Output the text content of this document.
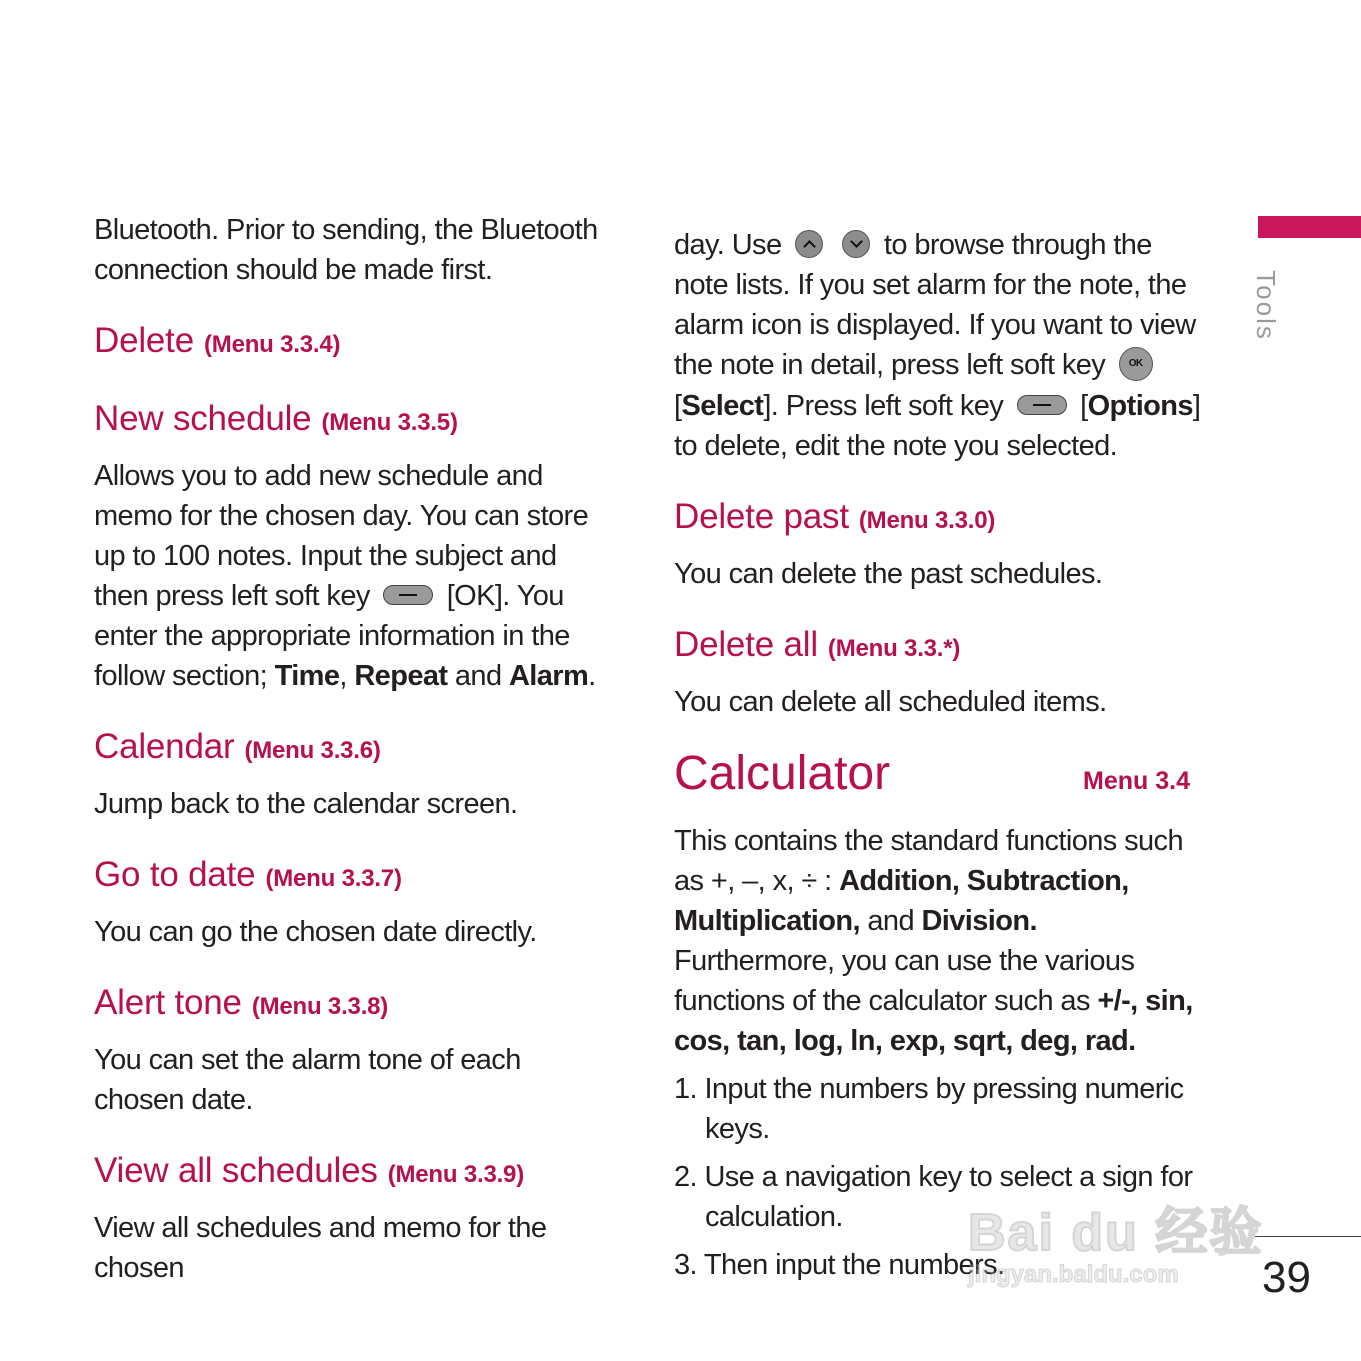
Bluetooth. Prior to sending, the Bluetooth connection should be made first.

Delete (Menu 3.3.4)
New schedule (Menu 3.3.5)

Allows you to add new schedule and memo for the chosen day. You can store up to 100 notes. Input the subject and then press left soft key	[OK]. You enter the appropriate information in the follow section; Time, Repeat and Alarm.

Calendar (Menu 3.3.6)

Jump back to the calendar screen.

Go to date (Menu 3.3.7)

You can go the chosen date directly.

Alert tone (Menu 3.3.8)

You can set the alarm tone of each chosen date.

View all schedules (Menu 3.3.9)

View all schedules and memo for the chosen

day. Use	to browse through the note lists. If you set alarm for the note, the alarm icon is displayed. If you want to view the note in detail, press left soft key OK [Select]. Press left soft key	[Options] to delete, edit the note you selected.

Delete past (Menu 3.3.0)

You can delete the past schedules.

Delete all (Menu 3.3.*)

You can delete all scheduled items.

Calculator	Menu 3.4

This contains the standard functions such as +, –, x, ÷ : Addition, Subtraction, Multiplication, and Division. Furthermore, you can use the various functions of the calculator such as +/-, sin, cos, tan, log, ln, exp, sqrt, deg, rad.

1. Input the numbers by pressing numeric keys.
2. Use a navigation key to select a sign for calculation.
3. Then input the numbers.
Tools
39
Bai du 经验
jingyan.baidu.com
